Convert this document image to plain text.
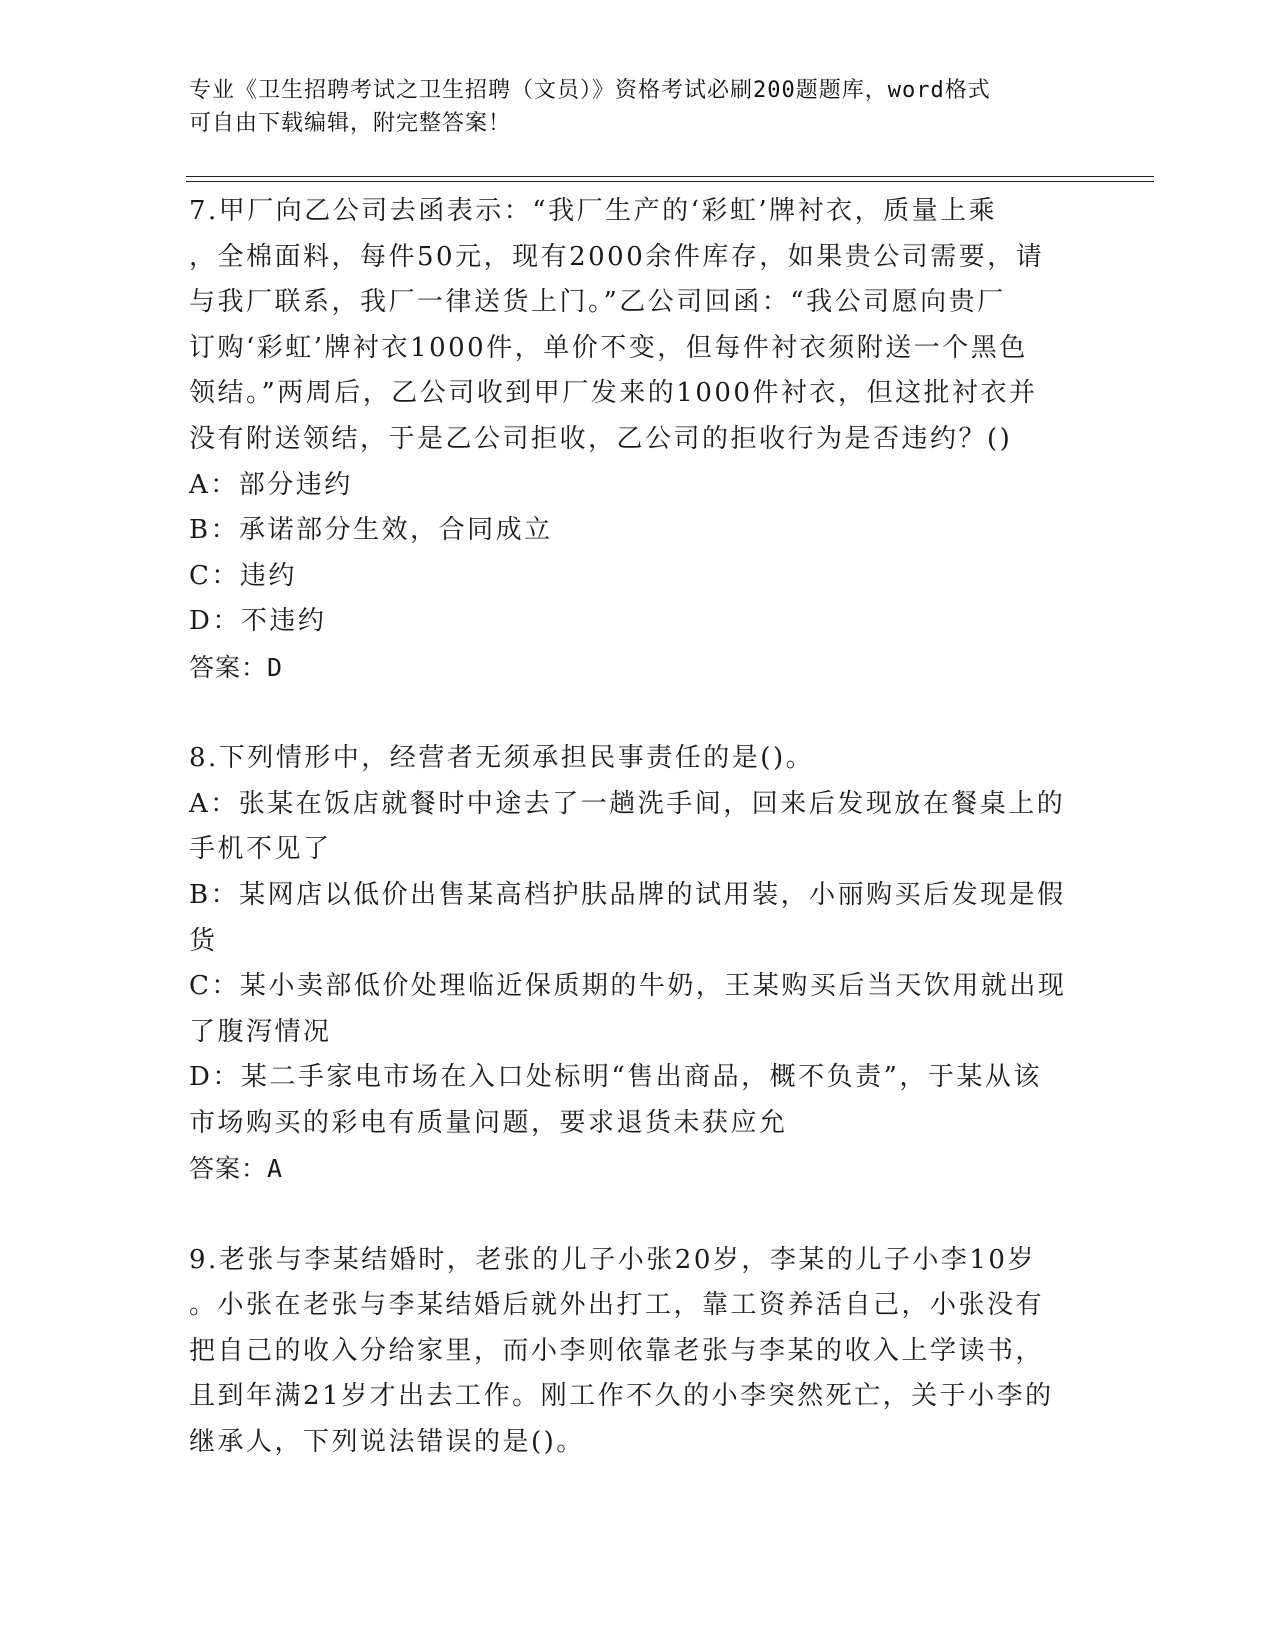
专业《卫生招聘考试之卫生招聘（文员）》资格考试必刷200题题库，word格式
可自由下载编辑，附完整答案！

7.甲厂向乙公司去函表示：“我厂生产的‘彩虹’牌衬衣，质量上乘

，全棉面料，每件50元，现有2000余件库存，如果贵公司需要，请

与我厂联系，我厂一律送货上门。”乙公司回函：“我公司愿向贵厂

订购‘彩虹’牌衬衣1000件，单价不变，但每件衬衣须附送一个黑色

领结。”两周后，乙公司收到甲厂发来的1000件衬衣，但这批衬衣并

没有附送领结，于是乙公司拒收，乙公司的拒收行为是否违约？()

A：部分违约

B：承诺部分生效，合同成立

C：违约

D：不违约

答案：D

8.下列情形中，经营者无须承担民事责任的是()。

A：张某在饭店就餐时中途去了一趟洗手间，回来后发现放在餐桌上的

手机不见了

B：某网店以低价出售某高档护肤品牌的试用装，小丽购买后发现是假

货

C：某小卖部低价处理临近保质期的牛奶，王某购买后当天饮用就出现

了腹泻情况

D：某二手家电市场在入口处标明“售出商品，概不负责”，于某从该

市场购买的彩电有质量问题，要求退货未获应允

答案：A

9.老张与李某结婚时，老张的儿子小张20岁，李某的儿子小李10岁

。小张在老张与李某结婚后就外出打工，靠工资养活自己，小张没有

把自己的收入分给家里，而小李则依靠老张与李某的收入上学读书，

且到年满21岁才出去工作。刚工作不久的小李突然死亡，关于小李的

继承人，下列说法错误的是()。
